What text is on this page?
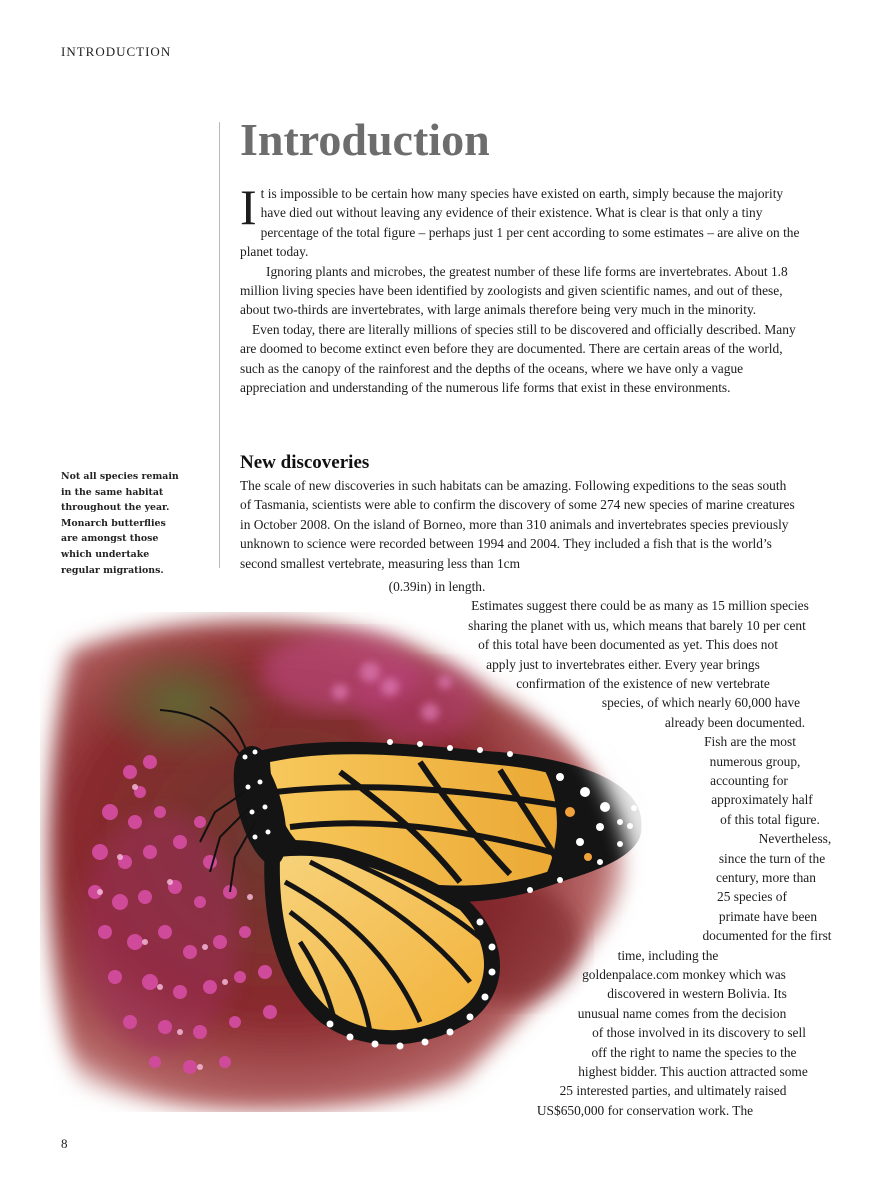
INTRODUCTION
Introduction

It is impossible to be certain how many species have existed on earth, simply because the majority have died out without leaving any evidence of their existence. What is clear is that only a tiny percentage of the total figure – perhaps just 1 per cent according to some estimates – are alive on the planet today.

Ignoring plants and microbes, the greatest number of these life forms are invertebrates. About 1.8 million living species have been identified by zoologists and given scientific names, and out of these, about two-thirds are invertebrates, with large animals therefore being very much in the minority.

Even today, there are literally millions of species still to be discovered and officially described. Many are doomed to become extinct even before they are documented. There are certain areas of the world, such as the canopy of the rainforest and the depths of the oceans, where we have only a vague appreciation and understanding of the numerous life forms that exist in these environments.

New discoveries
The scale of new discoveries in such habitats can be amazing. Following expeditions to the seas south of Tasmania, scientists were able to confirm the discovery of some 274 new species of marine creatures in October 2008. On the island of Borneo, more than 310 animals and invertebrates species previously unknown to science were recorded between 1994 and 2004. They included a fish that is the world’s second smallest vertebrate, measuring less than 1cm
Not all species remain in the same habitat throughout the year. Monarch butterflies are amongst those which undertake regular migrations.
(0.39in) in length.
Estimates suggest there could be as many as 15 million species
sharing the planet with us, which means that barely 10 per cent
of this total have been documented as yet. This does not
apply just to invertebrates either. Every year brings
confirmation of the existence of new vertebrate
species, of which nearly 60,000 have
already been documented.
Fish are the most
numerous group,
accounting for
approximately half
of this total figure.
Nevertheless,
since the turn of the
century, more than
25 species of
primate have been
documented for the first
time, including the
goldenpalace.com monkey which was
discovered in western Bolivia. Its
unusual name comes from the decision
of those involved in its discovery to sell
off the right to name the species to the
highest bidder. This auction attracted some
25 interested parties, and ultimately raised
US$650,000 for conservation work. The
8
